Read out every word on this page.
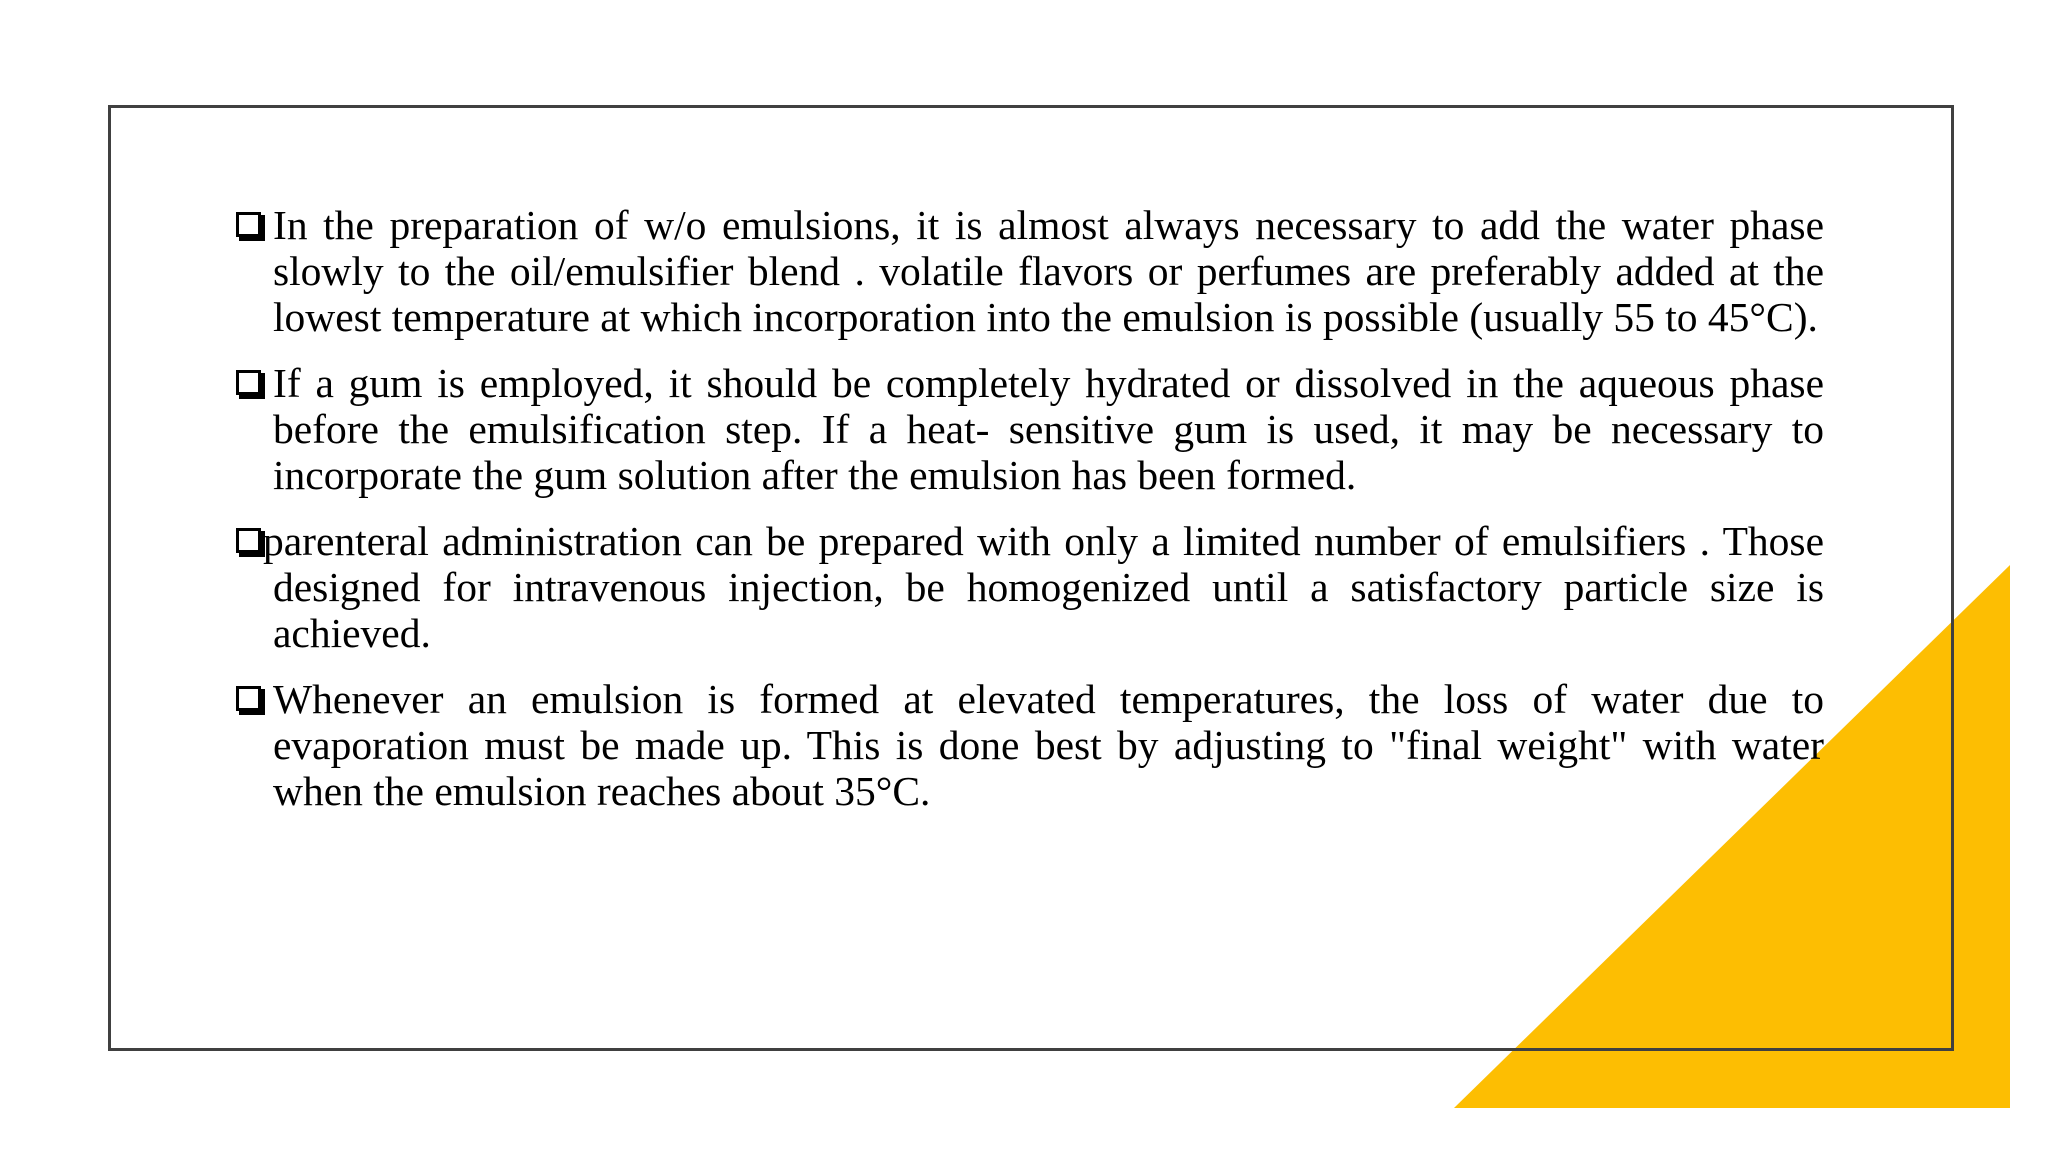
In the preparation of w/o emulsions, it is almost always necessary to add the water phase slowly to the oil/emulsifier blend . volatile flavors or perfumes are preferably added at the lowest temperature at which incorporation into the emulsion is possible (usually 55 to 45°C).
If a gum is employed, it should be completely hydrated or dissolved in the aqueous phase before the emulsification step. If a heat- sensitive gum is used, it may be necessary to incorporate the gum solution after the emulsion has been formed.
parenteral administration can be prepared with only a limited number of emulsifiers . Those designed for intravenous injection, be homogenized until a satisfactory particle size is achieved.
Whenever an emulsion is formed at elevated temperatures, the loss of water due to evaporation must be made up. This is done best by adjusting to "final weight" with water when the emulsion reaches about 35°C.
